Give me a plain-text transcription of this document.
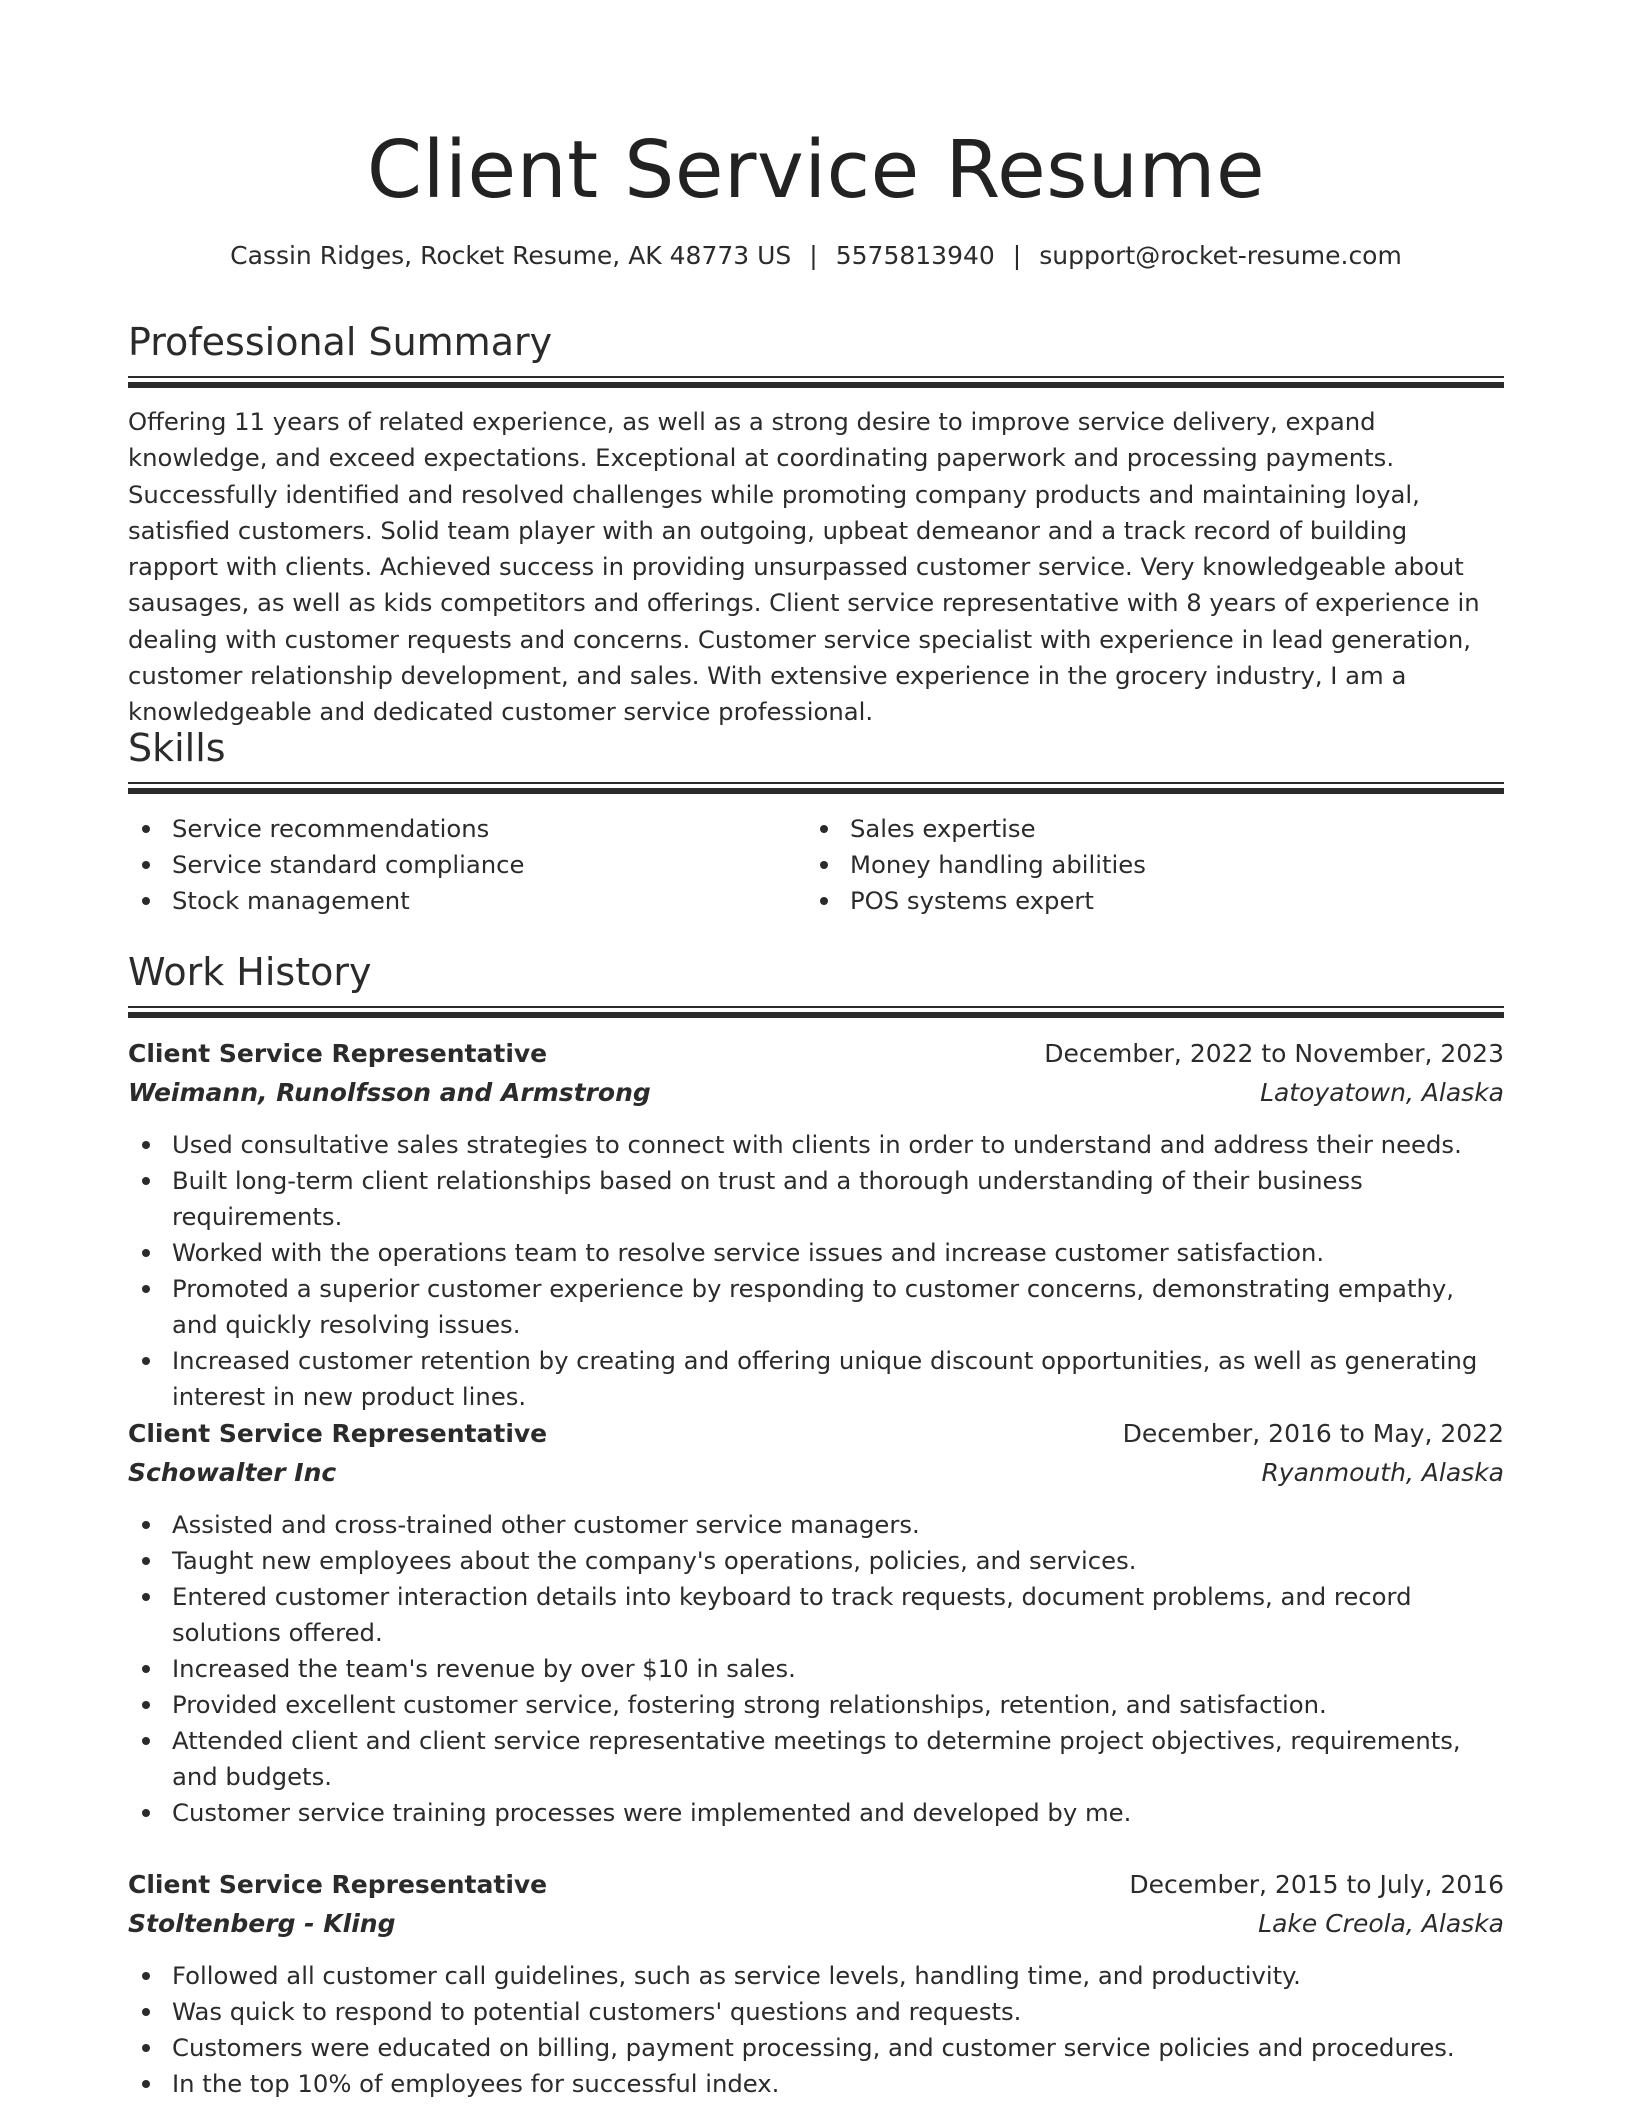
Client Service Resume
Cassin Ridges, Rocket Resume, AK 48773 US | 5575813940 | support@rocket-resume.com
Professional Summary

Offering 11 years of related experience, as well as a strong desire to improve service delivery, expand knowledge, and exceed expectations. Exceptional at coordinating paperwork and processing payments. Successfully identified and resolved challenges while promoting company products and maintaining loyal, satisfied customers. Solid team player with an outgoing, upbeat demeanor and a track record of building rapport with clients. Achieved success in providing unsurpassed customer service. Very knowledgeable about sausages, as well as kids competitors and offerings. Client service representative with 8 years of experience in dealing with customer requests and concerns. Customer service specialist with experience in lead generation, customer relationship development, and sales. With extensive experience in the grocery industry, I am a knowledgeable and dedicated customer service professional.

Skills
Service recommendations
Service standard compliance
Stock management
Sales expertise
Money handling abilities
POS systems expert
Work History
Client Service Representative	December, 2022 to November, 2023
Weimann, Runolfsson and Armstrong	Latoyatown, Alaska
Used consultative sales strategies to connect with clients in order to understand and address their needs.
Built long-term client relationships based on trust and a thorough understanding of their business requirements.
Worked with the operations team to resolve service issues and increase customer satisfaction.
Promoted a superior customer experience by responding to customer concerns, demonstrating empathy, and quickly resolving issues.
Increased customer retention by creating and offering unique discount opportunities, as well as generating interest in new product lines.
Client Service Representative	December, 2016 to May, 2022
Schowalter Inc	Ryanmouth, Alaska
Assisted and cross-trained other customer service managers.
Taught new employees about the company's operations, policies, and services.
Entered customer interaction details into keyboard to track requests, document problems, and record solutions offered.
Increased the team's revenue by over $10 in sales.
Provided excellent customer service, fostering strong relationships, retention, and satisfaction.
Attended client and client service representative meetings to determine project objectives, requirements, and budgets.
Customer service training processes were implemented and developed by me.
Client Service Representative	December, 2015 to July, 2016
Stoltenberg - Kling	Lake Creola, Alaska
Followed all customer call guidelines, such as service levels, handling time, and productivity.
Was quick to respond to potential customers' questions and requests.
Customers were educated on billing, payment processing, and customer service policies and procedures.
In the top 10% of employees for successful index.
